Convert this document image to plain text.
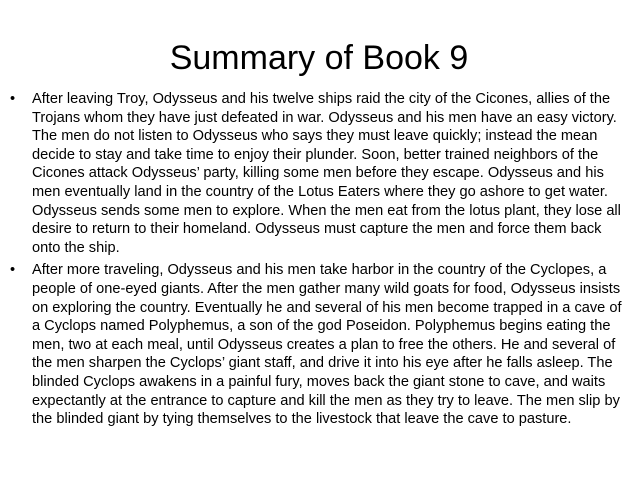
Summary of Book 9
• After leaving Troy, Odysseus and his twelve ships raid the city of the Cicones, allies of the Trojans whom they have just defeated in war. Odysseus and his men have an easy victory. The men do not listen to Odysseus who says they must leave quickly; instead the mean decide to stay and take time to enjoy their plunder. Soon, better trained neighbors of the Cicones attack Odysseus’ party, killing some men before they escape. Odysseus and his men eventually land in the country of the Lotus Eaters where they go ashore to get water. Odysseus sends some men to explore. When the men eat from the lotus plant, they lose all desire to return to their homeland. Odysseus must capture the men and force them back onto the ship.
• After more traveling, Odysseus and his men take harbor in the country of the Cyclopes, a people of one-eyed giants. After the men gather many wild goats for food, Odysseus insists on exploring the country. Eventually he and several of his men become trapped in a cave of a Cyclops named Polyphemus, a son of the god Poseidon. Polyphemus begins eating the men, two at each meal, until Odysseus creates a plan to free the others. He and several of the men sharpen the Cyclops’ giant staff, and drive it into his eye after he falls asleep. The blinded Cyclops awakens in a painful fury, moves back the giant stone to cave, and waits expectantly at the entrance to capture and kill the men as they try to leave. The men slip by the blinded giant by tying themselves to the livestock that leave the cave to pasture.
